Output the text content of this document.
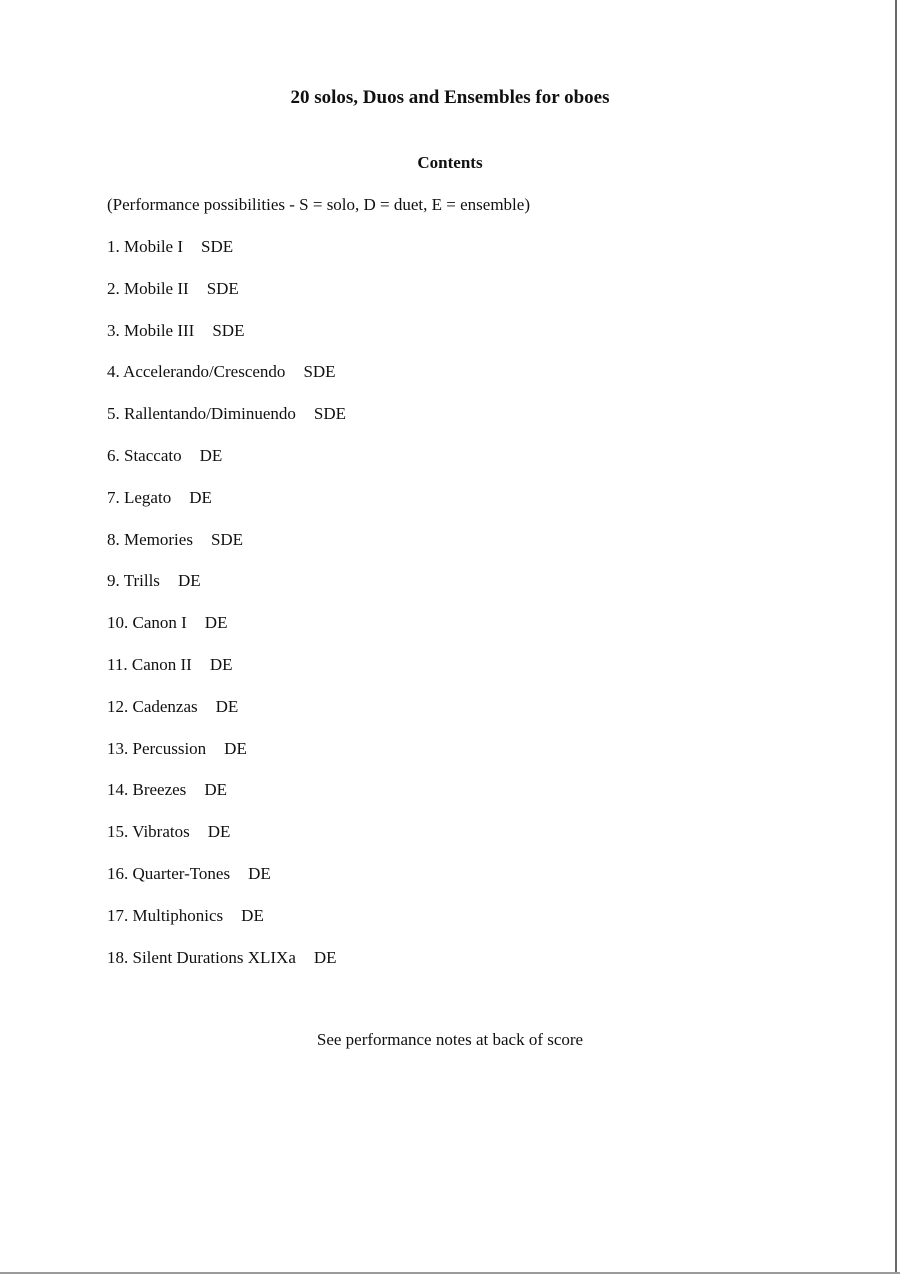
20 solos, Duos and Ensembles for oboes
Contents
(Performance possibilities - S = solo, D = duet, E = ensemble)
1. Mobile I SDE
2. Mobile II SDE
3. Mobile III SDE
4. Accelerando/Crescendo SDE
5. Rallentando/Diminuendo SDE
6. Staccato DE
7. Legato DE
8. Memories SDE
9. Trills DE
10. Canon I DE
11. Canon II DE
12. Cadenzas DE
13. Percussion DE
14. Breezes DE
15. Vibratos DE
16. Quarter-Tones DE
17. Multiphonics DE
18. Silent Durations XLIXa DE
See performance notes at back of score
